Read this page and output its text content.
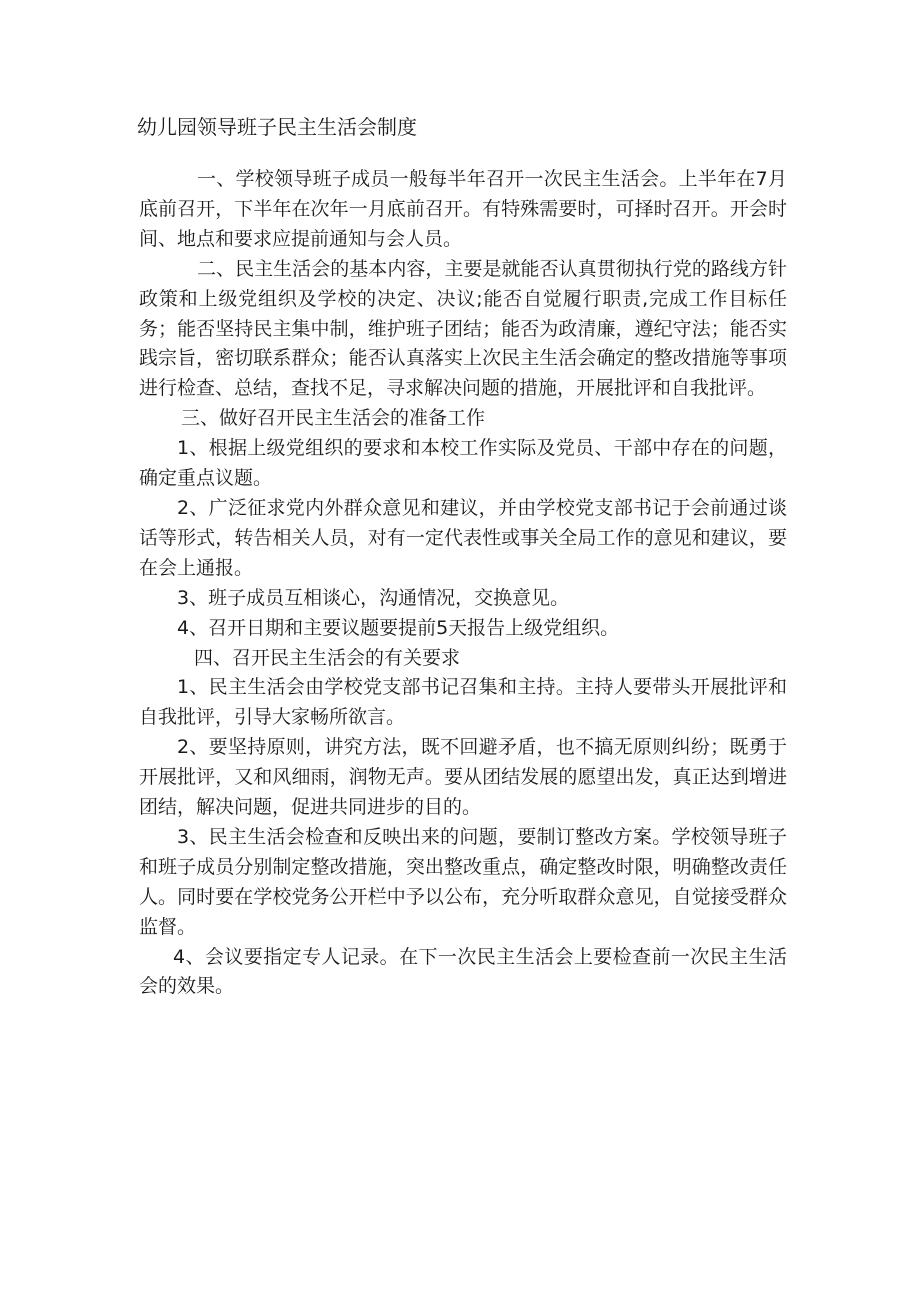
幼儿园领导班子民主生活会制度

一、学校领导班子成员一般每半年召开一次民主生活会。上半年在7月底前召开，下半年在次年一月底前召开。有特殊需要时，可择时召开。开会时间、地点和要求应提前通知与会人员。

二、民主生活会的基本内容，主要是就能否认真贯彻执行党的路线方针政策和上级党组织及学校的决定、决议;能否自觉履行职责,完成工作目标任务；能否坚持民主集中制，维护班子团结；能否为政清廉，遵纪守法；能否实践宗旨，密切联系群众；能否认真落实上次民主生活会确定的整改措施等事项进行检查、总结，查找不足，寻求解决问题的措施，开展批评和自我批评。

三、做好召开民主生活会的准备工作

1、根据上级党组织的要求和本校工作实际及党员、干部中存在的问题，确定重点议题。

2、广泛征求党内外群众意见和建议，并由学校党支部书记于会前通过谈话等形式，转告相关人员，对有一定代表性或事关全局工作的意见和建议，要在会上通报。

3、班子成员互相谈心，沟通情况，交换意见。

4、召开日期和主要议题要提前5天报告上级党组织。

四、召开民主生活会的有关要求

1、民主生活会由学校党支部书记召集和主持。主持人要带头开展批评和自我批评，引导大家畅所欲言。

2、要坚持原则，讲究方法，既不回避矛盾，也不搞无原则纠纷；既勇于开展批评，又和风细雨，润物无声。要从团结发展的愿望出发，真正达到增进团结，解决问题，促进共同进步的目的。

3、民主生活会检查和反映出来的问题，要制订整改方案。学校领导班子和班子成员分别制定整改措施，突出整改重点，确定整改时限，明确整改责任人。同时要在学校党务公开栏中予以公布，充分听取群众意见，自觉接受群众监督。

4、会议要指定专人记录。在下一次民主生活会上要检查前一次民主生活会的效果。
